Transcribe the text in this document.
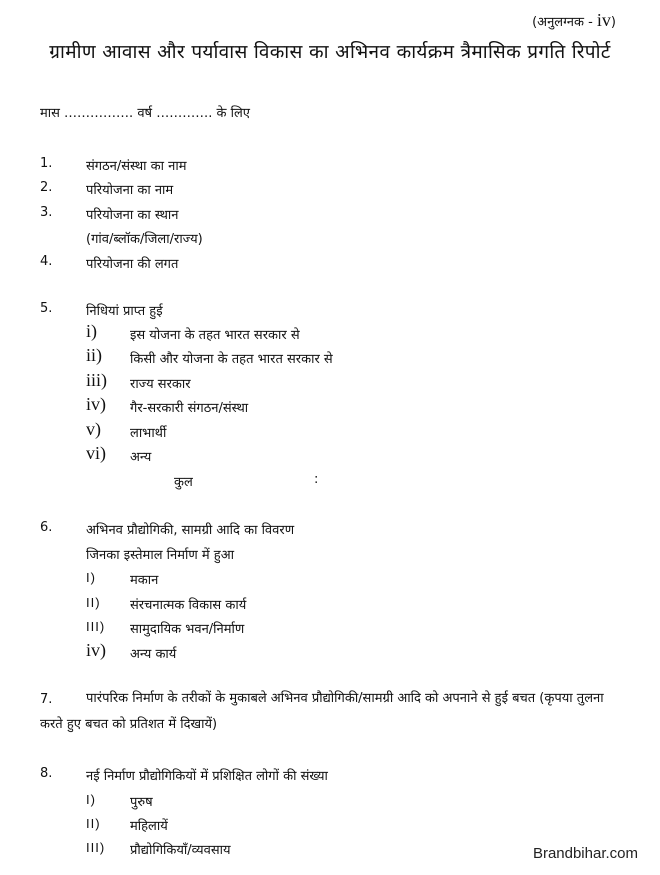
(अनुलग्नक - iv)
ग्रामीण आवास और पर्यावास विकास का अभिनव कार्यक्रम त्रैमासिक प्रगति रिपोर्ट
मास ……………. वर्ष …………. के लिए
1.	संगठन/संस्था का नाम
2.	परियोजना का नाम
3.	परियोजना का स्थान
(गांव/ब्लॉक/जिला/राज्य)
4.	परियोजना की लगत
5.	निधियां प्राप्त हुई
i)	इस योजना के तहत भारत सरकार से
ii) किसी और योजना के तहत भारत सरकार से
iii) राज्य सरकार
iv) गैर-सरकारी संगठन/संस्था
v) लाभार्थी
vi) अन्य
कुल	:
6.	अभिनव प्रौद्योगिकी, सामग्री आदि का विवरण
जिनका इस्तेमाल निर्माण में हुआ
I)	मकान
II) संरचनात्मक विकास कार्य
III) सामुदायिक भवन/निर्माण
iv) अन्य कार्य
7.	पारंपरिक निर्माण के तरीकों के मुकाबले अभिनव प्रौद्योगिकी/सामग्री आदि को अपनाने से हुई बचत (कृपया तुलना करते हुए बचत को प्रतिशत में दिखायें)
8.	नई निर्माण प्रौद्योगिकियों में प्रशिक्षित लोगों की संख्या
I)	पुरुष
II) महिलायें
III) प्रौद्योगिकियाँ/व्यवसाय	Brandbihar.com
